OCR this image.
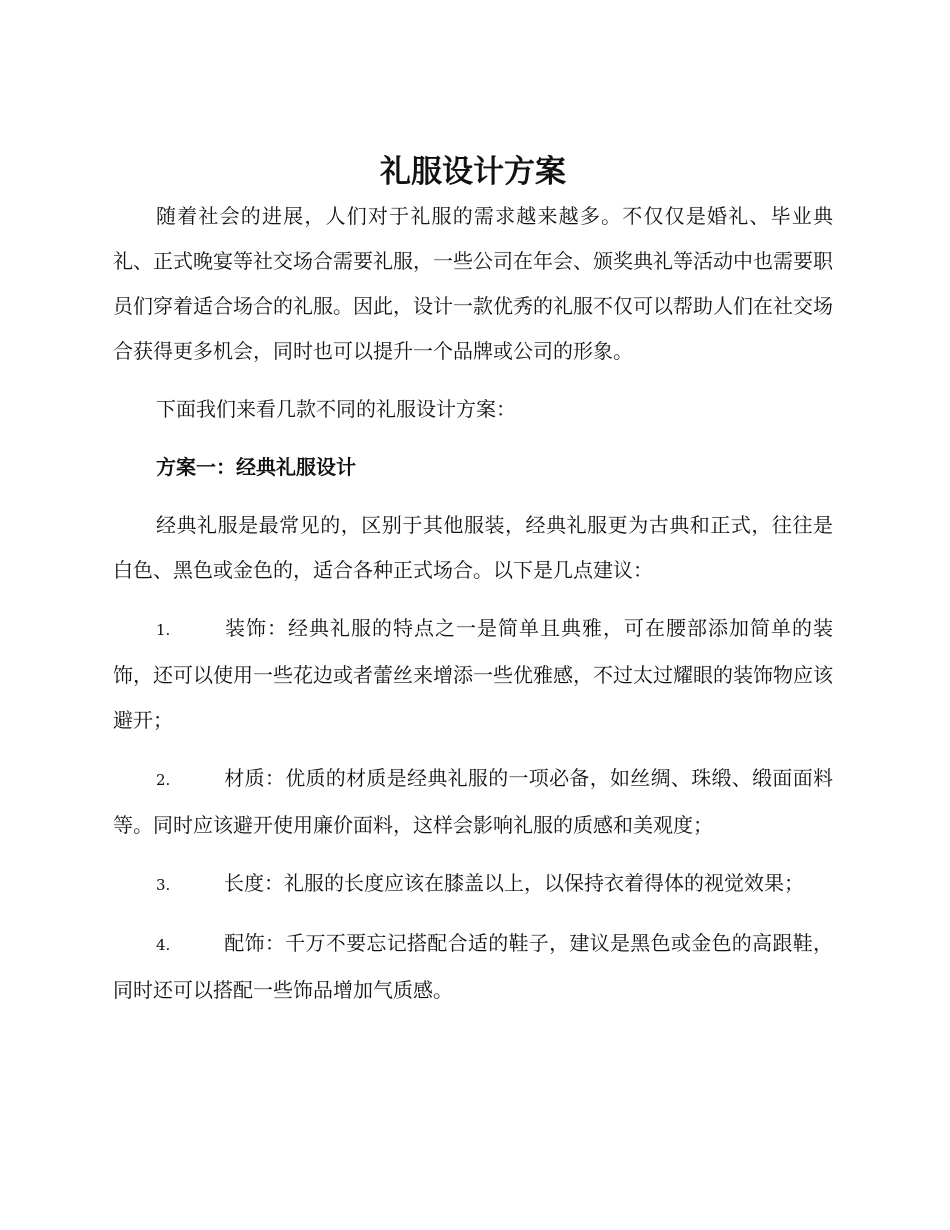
礼服设计方案

随着社会的进展，人们对于礼服的需求越来越多。不仅仅是婚礼、毕业典礼、正式晚宴等社交场合需要礼服，一些公司在年会、颁奖典礼等活动中也需要职员们穿着适合场合的礼服。因此，设计一款优秀的礼服不仅可以帮助人们在社交场合获得更多机会，同时也可以提升一个品牌或公司的形象。

下面我们来看几款不同的礼服设计方案：

方案一：经典礼服设计

经典礼服是最常见的，区别于其他服装，经典礼服更为古典和正式，往往是白色、黑色或金色的，适合各种正式场合。以下是几点建议：

1.	装饰：经典礼服的特点之一是简单且典雅，可在腰部添加简单的装饰，还可以使用一些花边或者蕾丝来增添一些优雅感，不过太过耀眼的装饰物应该避开；

2.	材质：优质的材质是经典礼服的一项必备，如丝绸、珠缎、缎面面料等。同时应该避开使用廉价面料，这样会影响礼服的质感和美观度；

3.	长度：礼服的长度应该在膝盖以上，以保持衣着得体的视觉效果；

4.	配饰：千万不要忘记搭配合适的鞋子，建议是黑色或金色的高跟鞋，同时还可以搭配一些饰品增加气质感。
